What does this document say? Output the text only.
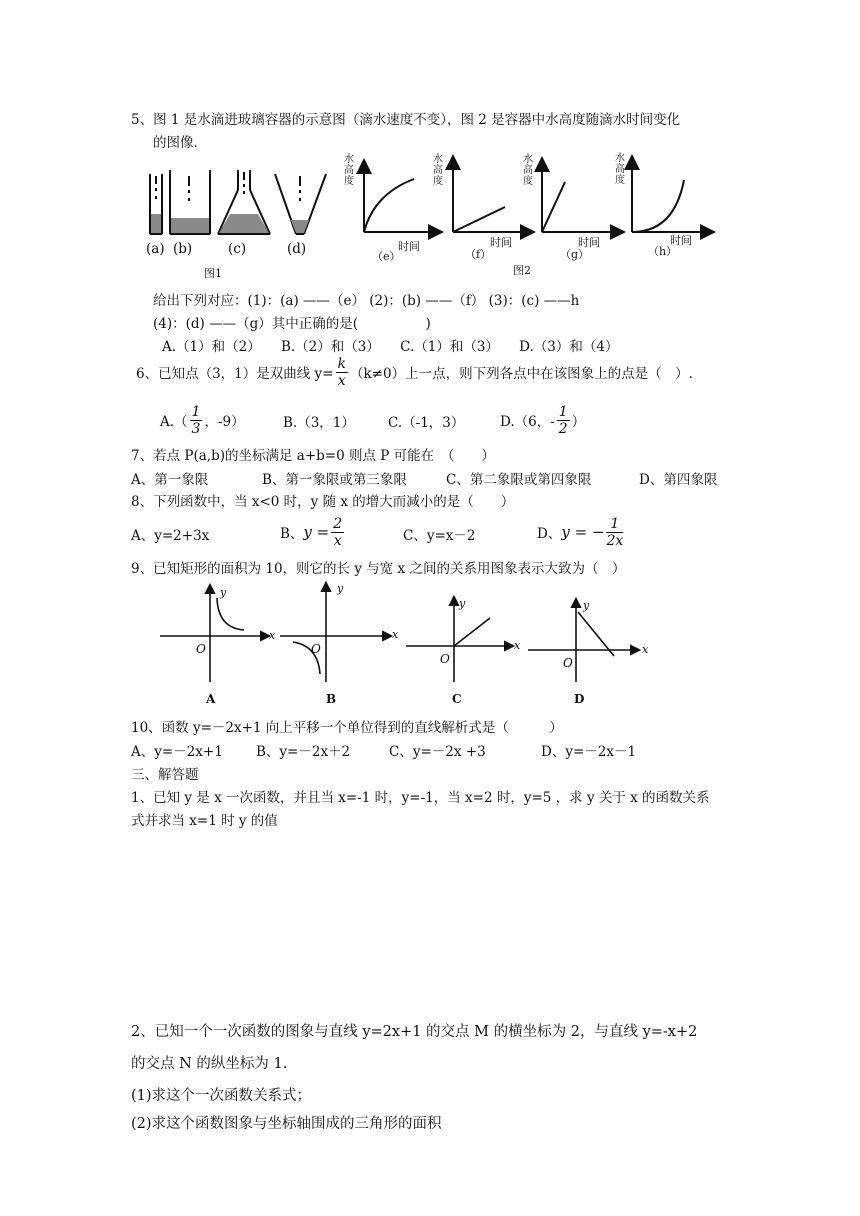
5、图 1 是水滴进玻璃容器的示意图（滴水速度不变），图 2 是容器中水高度随滴水时间变化
的图像.
(a) (b)	(c)	(d)
图1
水
高
度
水
高
度
水
高
度
水
高
度
时间	时间	时间	时间
（e）	（f）	（g）	（h）
图2
给出下列对应：(1)：(a) ——（e） (2)：(b) ——（f） (3)：(c) ——h
(4)：(d) ——（g）其中正确的是(　　　　　)
A.（1）和（2）　　B.（2）和（3）　　C.（1）和（3）　　D.（3）和（4）
6、已知点（3，1）是双曲线 $y= \frac{k}{x} (k\ne 0)$上一点，则下列各点中在该图象上的点是（　）.
$A.( \frac{1}{3}$ ，-9）	B.（3，1） C.（-1，3）	D.（6，- $\frac{1}{2}$ ）
7、若点 P(a,b)的坐标满足 a+b=0 则点 P 可能在　（　　）
A、第一象限	B、第一象限或第三象限	C、第二象限或第四象限	D、第四象限
8、下列函数中，当 x<0 时，y 随 x 的增大而减小的是（　　）
A、y=2+3x	B、 $y = \frac{2}{x}$	C、y=x－2	D、 y = − $\frac{1}{2x}$
9、已知矩形的面积为 10，则它的长 y 与宽 x 之间的关系用图象表示大致为（　）
y
x
O
y
x
O
y
x
O
y
x
O
A	B	C	D
10、函数 y=－2x+1 向上平移一个单位得到的直线解析式是（　　　）
A、y=－2x+1 B、y=－2x＋2	C、y=－2x +3	D、y=－2x－1
三、解答题
1、已知 y 是 x 一次函数，并且当 x=-1 时，y=-1，当 x=2 时，y=5 ，求 y 关于 x 的函数关系
式并求当 x=1 时 y 的值
2、已知一个一次函数的图象与直线 y=2x+1 的交点 M 的横坐标为 2，与直线 y=-x+2
的交点 N 的纵坐标为 1.
(1)求这个一次函数关系式；
(2)求这个函数图象与坐标轴围成的三角形的面积
